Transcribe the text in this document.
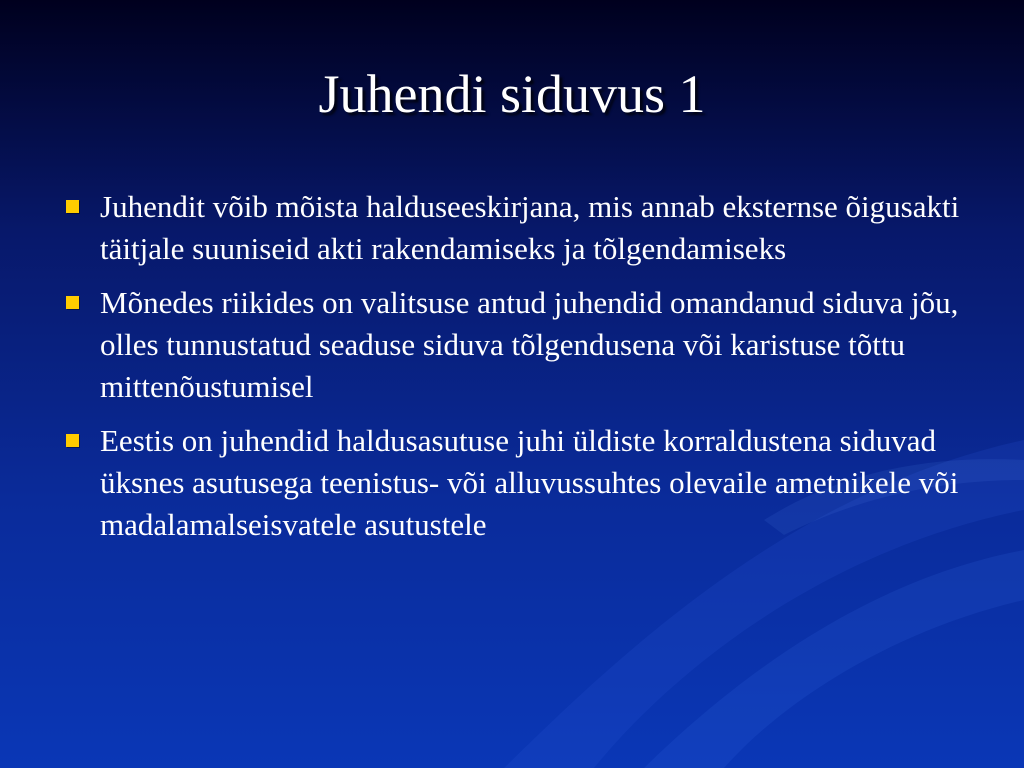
Juhendi siduvus 1
Juhendit võib mõista halduseeskirjana, mis annab eksternse õigusakti täitjale suuniseid akti rakendamiseks ja tõlgendamiseks
Mõnedes riikides on valitsuse antud juhendid omandanud siduva jõu, olles tunnustatud seaduse siduva tõlgendusena või karistuse tõttu mittenõustumisel
Eestis on juhendid haldusasutuse juhi üldiste korraldustena siduvad üksnes asutusega teenistus- või alluvussuhtes olevaile ametnikele või madalamalseisvatele asutustele
